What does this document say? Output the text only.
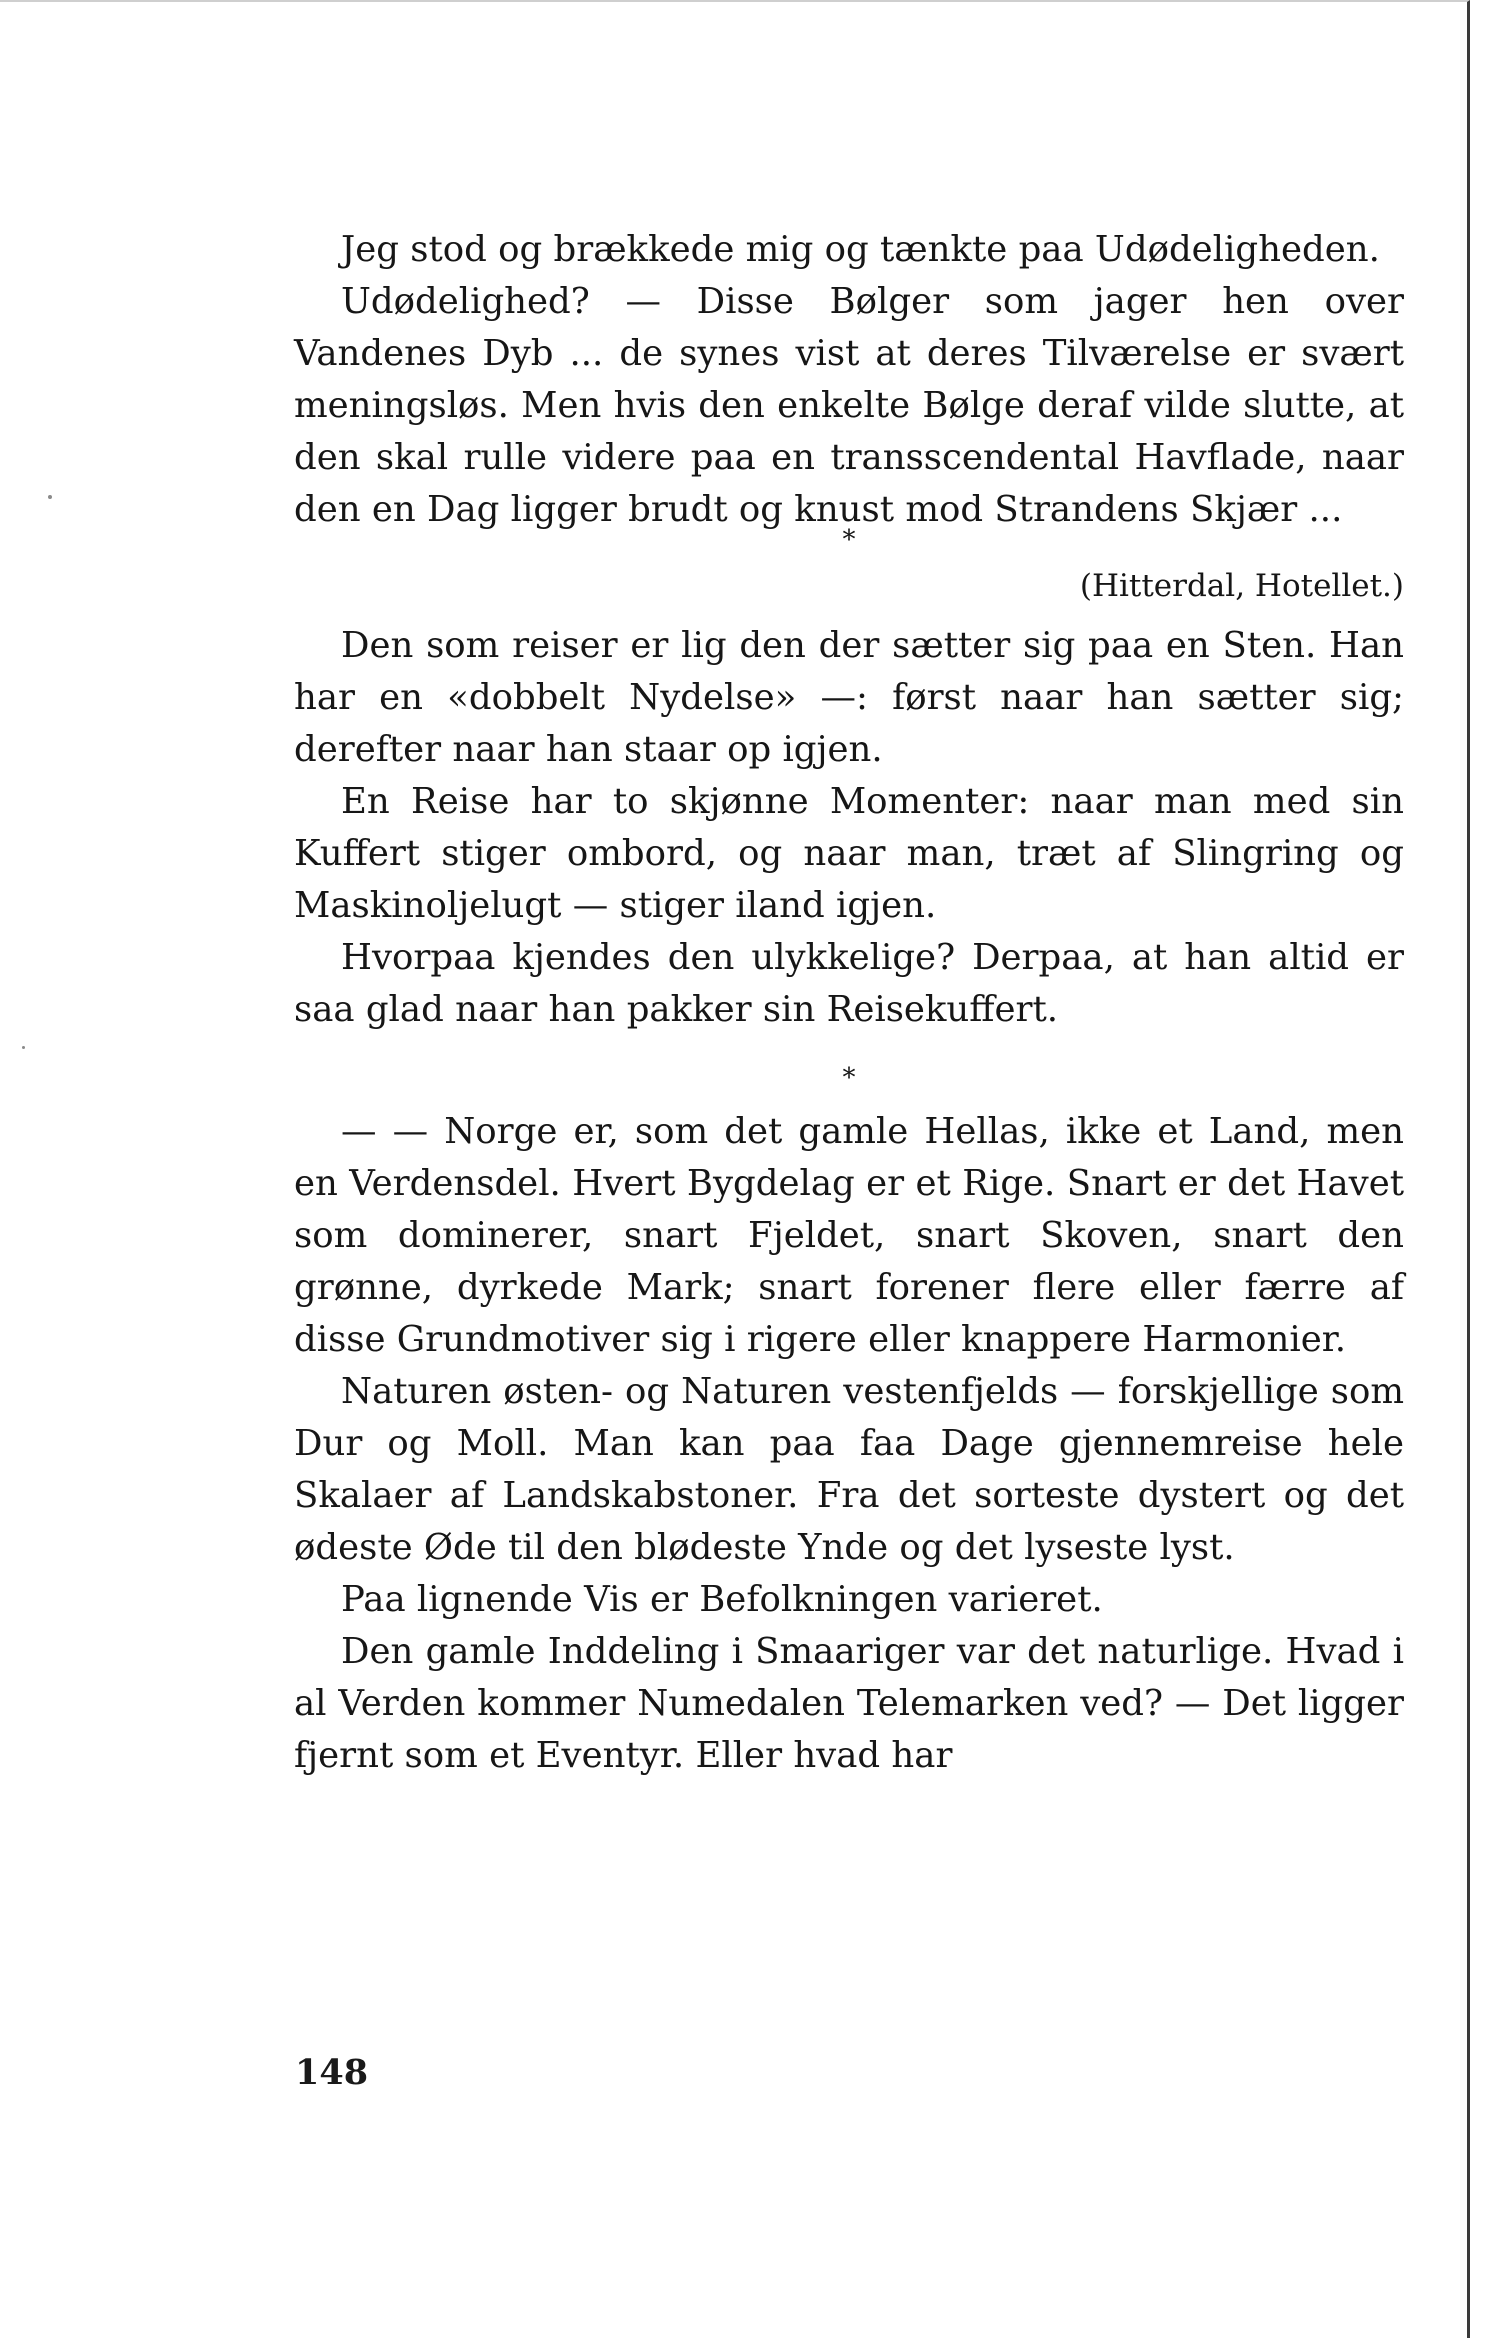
Jeg stod og brækkede mig og tænkte paa Udødeligheden.

Udødelighed? — Disse Bølger som jager hen over Vandenes Dyb ... de synes vist at deres Tilværelse er svært meningsløs. Men hvis den enkelte Bølge deraf vilde slutte, at den skal rulle videre paa en transscendental Havflade, naar den en Dag ligger brudt og knust mod Strandens Skjær ...

*

(Hitterdal, Hotellet.)

Den som reiser er lig den der sætter sig paa en Sten. Han har en «dobbelt Nydelse» —: først naar han sætter sig; derefter naar han staar op igjen.

En Reise har to skjønne Momenter: naar man med sin Kuffert stiger ombord, og naar man, træt af Slingring og Maskinoljelugt — stiger iland igjen.

Hvorpaa kjendes den ulykkelige? Derpaa, at han altid er saa glad naar han pakker sin Reisekuffert.

*

— — Norge er, som det gamle Hellas, ikke et Land, men en Verdensdel. Hvert Bygdelag er et Rige. Snart er det Havet som dominerer, snart Fjeldet, snart Skoven, snart den grønne, dyrkede Mark; snart forener flere eller færre af disse Grundmotiver sig i rigere eller knappere Harmonier.

Naturen østen- og Naturen vestenfjelds — forskjellige som Dur og Moll. Man kan paa faa Dage gjennemreise hele Skalaer af Landskabstoner. Fra det sorteste dystert og det ødeste Øde til den blødeste Ynde og det lyseste lyst.

Paa lignende Vis er Befolkningen varieret.

Den gamle Inddeling i Smaariger var det naturlige. Hvad i al Verden kommer Numedalen Telemarken ved? — Det ligger fjernt som et Eventyr. Eller hvad har

148
